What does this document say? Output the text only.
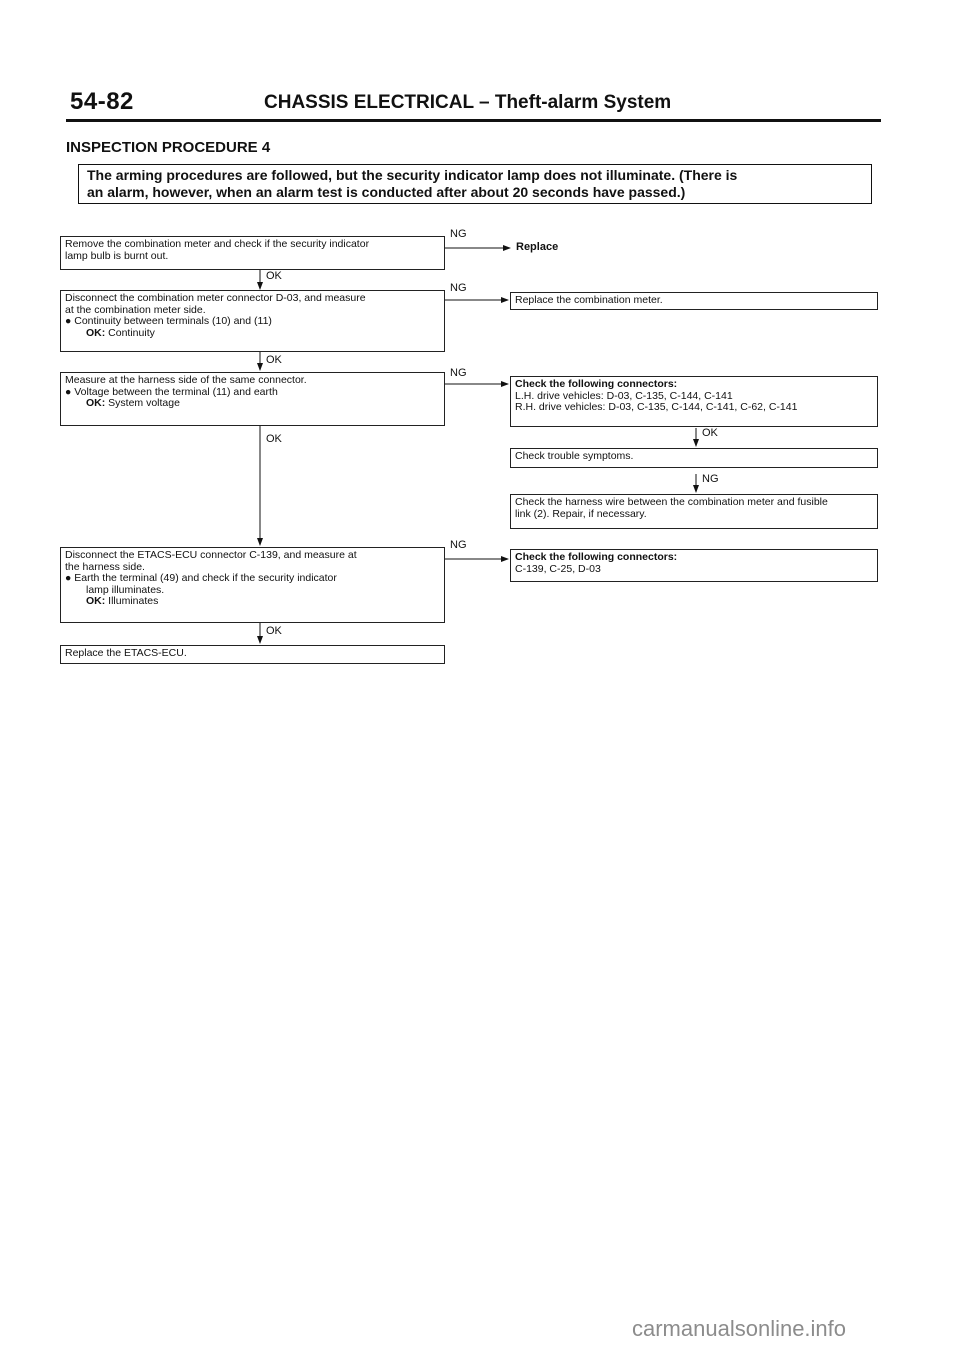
54-82	CHASSIS ELECTRICAL – Theft-alarm System
INSPECTION PROCEDURE 4
The arming procedures are followed, but the security indicator lamp does not illuminate. (There is
an alarm, however, when an alarm test is conducted after about 20 seconds have passed.)
Remove the combination meter and check if the security indicator
lamp bulb is burnt out.
Disconnect the combination meter connector D-03, and measure
at the combination meter side.
● Continuity between terminals (10) and (11)
OK: Continuity
Measure at the harness side of the same connector.
● Voltage between the terminal (11) and earth
OK: System voltage
Disconnect the ETACS-ECU connector C-139, and measure at
the harness side.
● Earth the terminal (49) and check if the security indicator
lamp illuminates.
OK: Illuminates
Replace the ETACS-ECU.
OK
OK
OK
OK
NG
NG
NG
NG
Replace
Replace the combination meter.
Check the following connectors:
L.H. drive vehicles: D-03, C-135, C-144, C-141
R.H. drive vehicles: D-03, C-135, C-144, C-141, C-62, C-141
OK
Check trouble symptoms.
NG
Check the harness wire between the combination meter and fusible
link (2). Repair, if necessary.
Check the following connectors:
C-139, C-25, D-03
carmanualsonline.info
